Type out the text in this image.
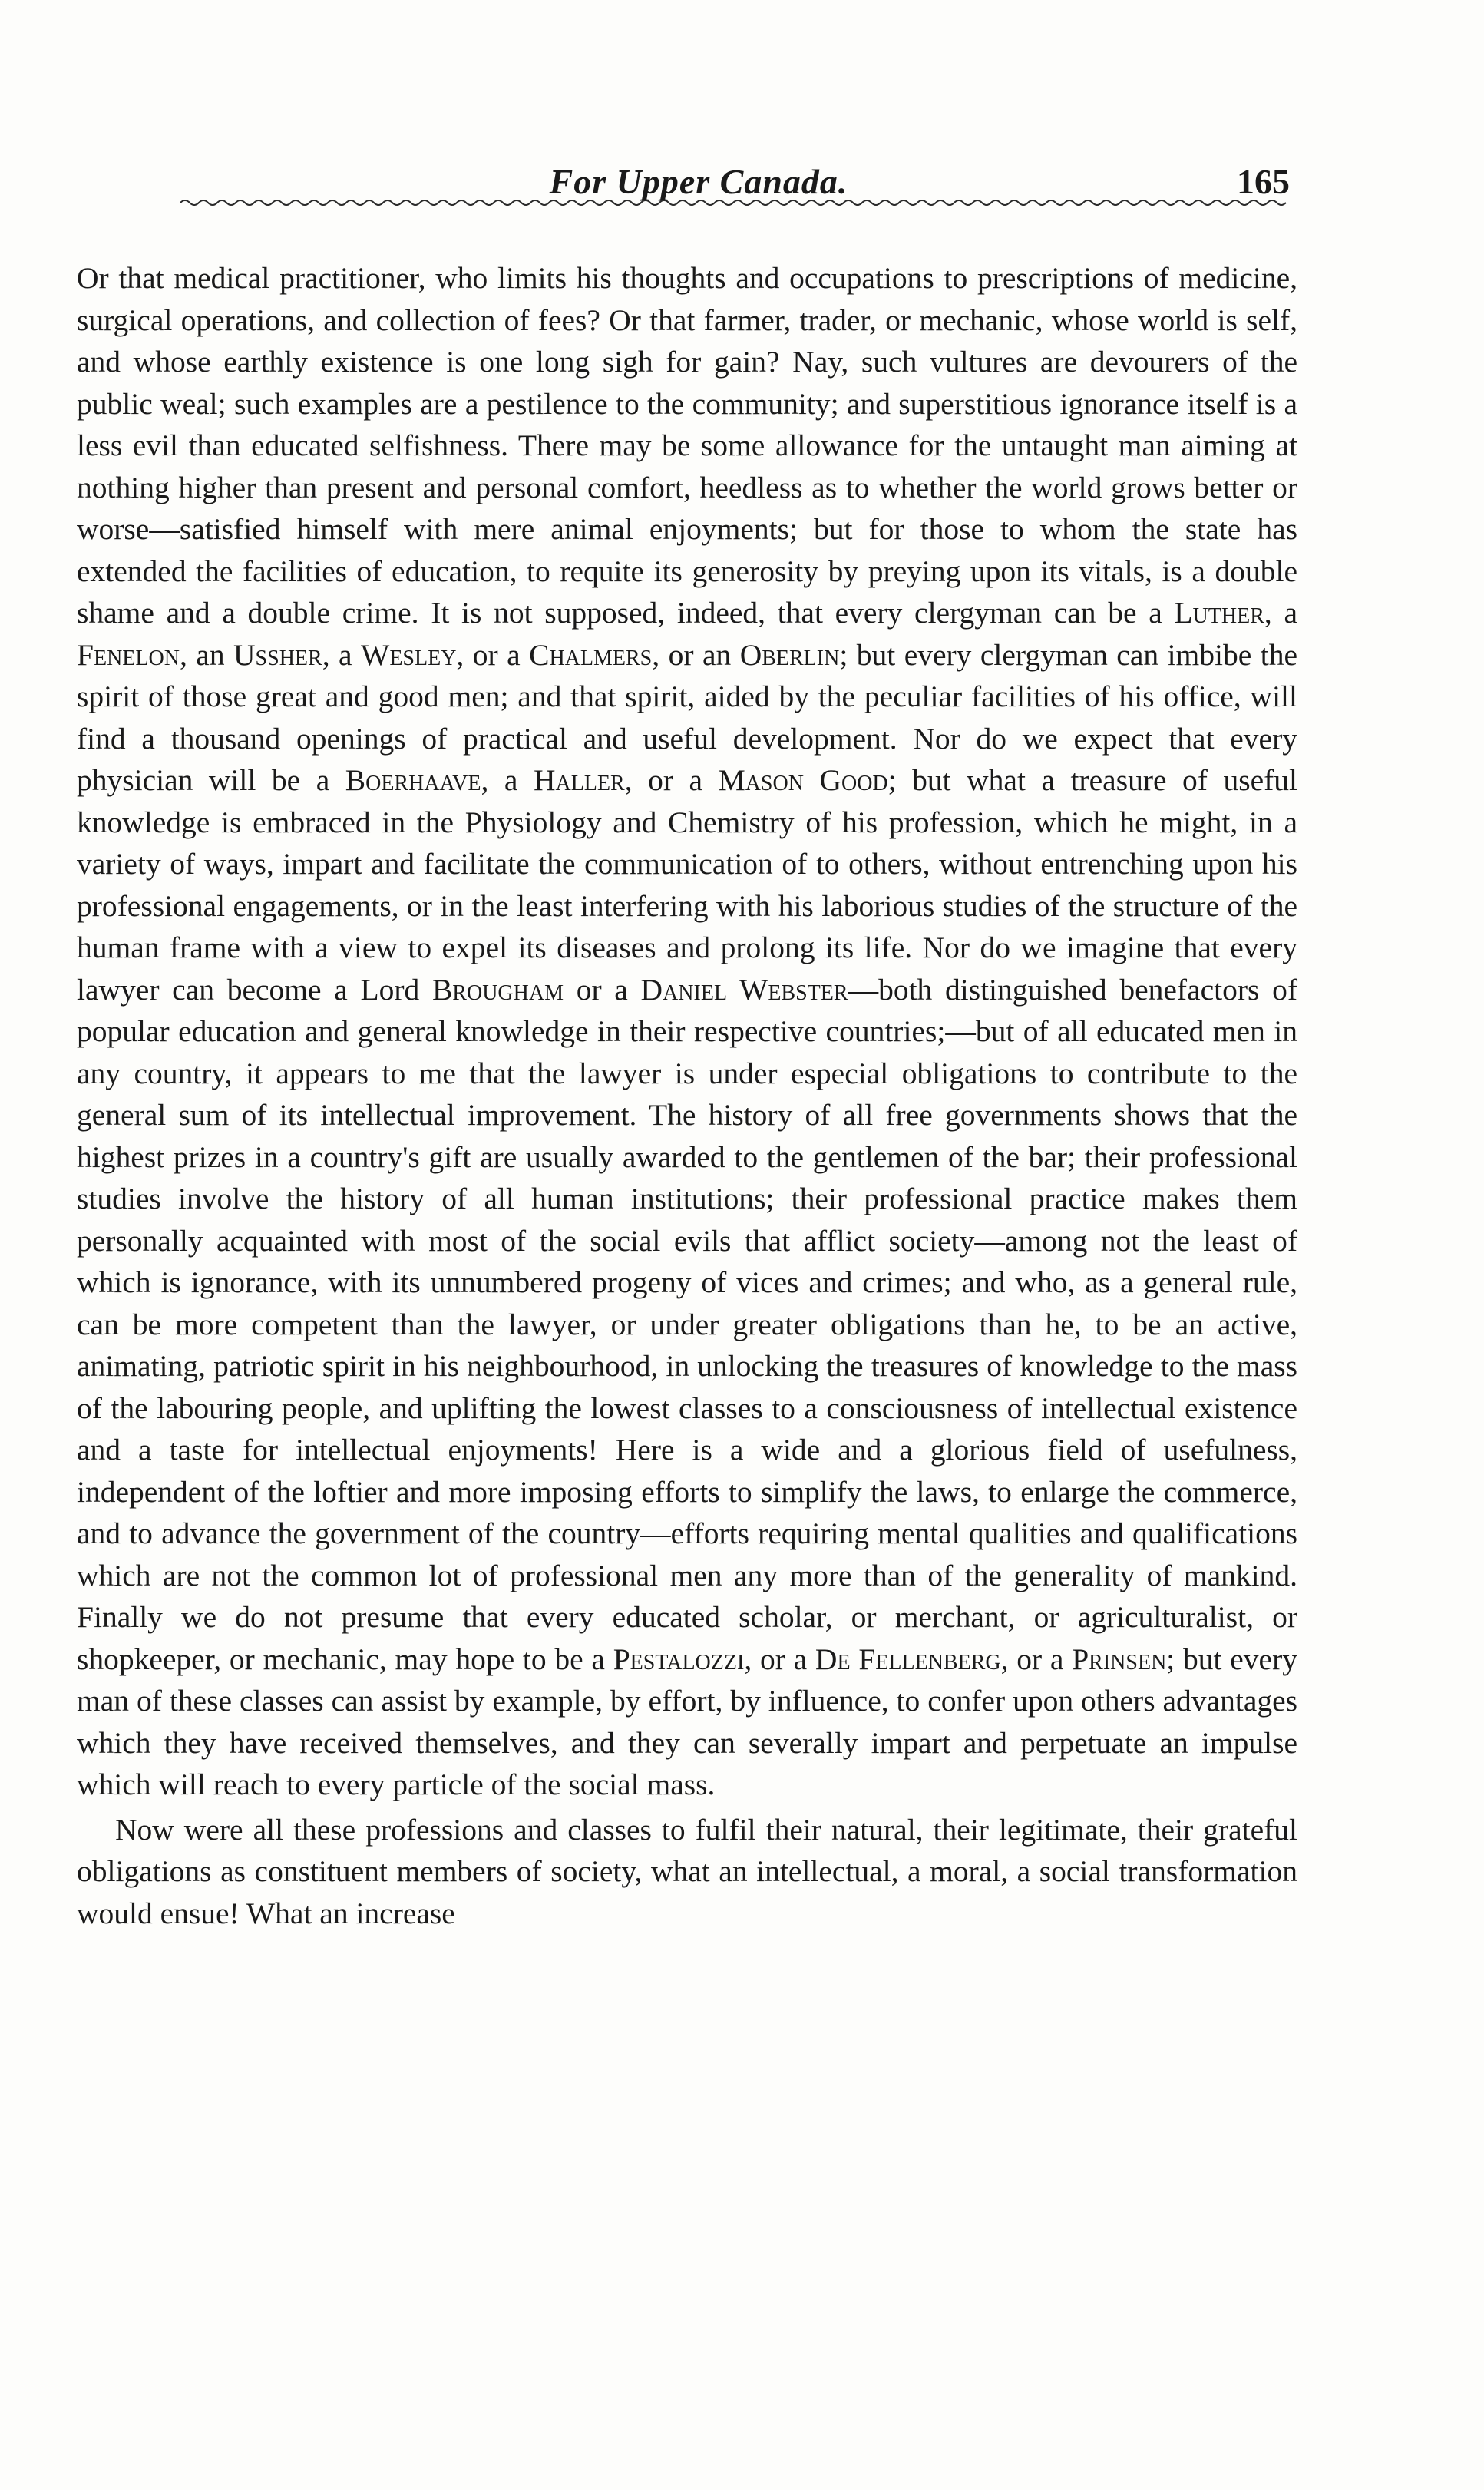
For Upper Canada.	165

Or that medical practitioner, who limits his thoughts and occupations to prescriptions of medicine, surgical operations, and collection of fees? Or that farmer, trader, or mechanic, whose world is self, and whose earthly existence is one long sigh for gain? Nay, such vultures are devourers of the public weal; such examples are a pestilence to the community; and superstitious ignorance itself is a less evil than educated selfishness. There may be some allowance for the untaught man aiming at nothing higher than present and personal comfort, heedless as to whether the world grows better or worse—satisfied himself with mere animal enjoyments; but for those to whom the state has extended the facilities of education, to requite its generosity by preying upon its vitals, is a double shame and a double crime. It is not supposed, indeed, that every clergyman can be a Luther, a Fenelon, an Ussher, a Wesley, or a Chalmers, or an Oberlin; but every clergyman can imbibe the spirit of those great and good men; and that spirit, aided by the peculiar facilities of his office, will find a thousand openings of practical and useful development. Nor do we expect that every physician will be a Boerhaave, a Haller, or a Mason Good; but what a treasure of useful knowledge is embraced in the Physiology and Chemistry of his profession, which he might, in a variety of ways, impart and facilitate the communication of to others, without entrenching upon his professional engagements, or in the least interfering with his laborious studies of the structure of the human frame with a view to expel its diseases and prolong its life. Nor do we imagine that every lawyer can become a Lord Brougham or a Daniel Webster—both distinguished benefactors of popular education and general knowledge in their respective countries;—but of all educated men in any country, it appears to me that the lawyer is under especial obligations to contribute to the general sum of its intellectual improvement. The history of all free governments shows that the highest prizes in a country's gift are usually awarded to the gentlemen of the bar; their professional studies involve the history of all human institutions; their professional practice makes them personally acquainted with most of the social evils that afflict society—among not the least of which is ignorance, with its unnumbered progeny of vices and crimes; and who, as a general rule, can be more competent than the lawyer, or under greater obligations than he, to be an active, animating, patriotic spirit in his neighbourhood, in unlocking the treasures of knowledge to the mass of the labouring people, and uplifting the lowest classes to a consciousness of intellectual existence and a taste for intellectual enjoyments! Here is a wide and a glorious field of usefulness, independent of the loftier and more imposing efforts to simplify the laws, to enlarge the commerce, and to advance the government of the country—efforts requiring mental qualities and qualifications which are not the common lot of professional men any more than of the generality of mankind. Finally we do not presume that every educated scholar, or merchant, or agriculturalist, or shopkeeper, or mechanic, may hope to be a Pestalozzi, or a De Fellenberg, or a Prinsen; but every man of these classes can assist by example, by effort, by influence, to confer upon others advantages which they have received themselves, and they can severally impart and perpetuate an impulse which will reach to every particle of the social mass.

Now were all these professions and classes to fulfil their natural, their legitimate, their grateful obligations as constituent members of society, what an intellectual, a moral, a social transformation would ensue! What an increase
